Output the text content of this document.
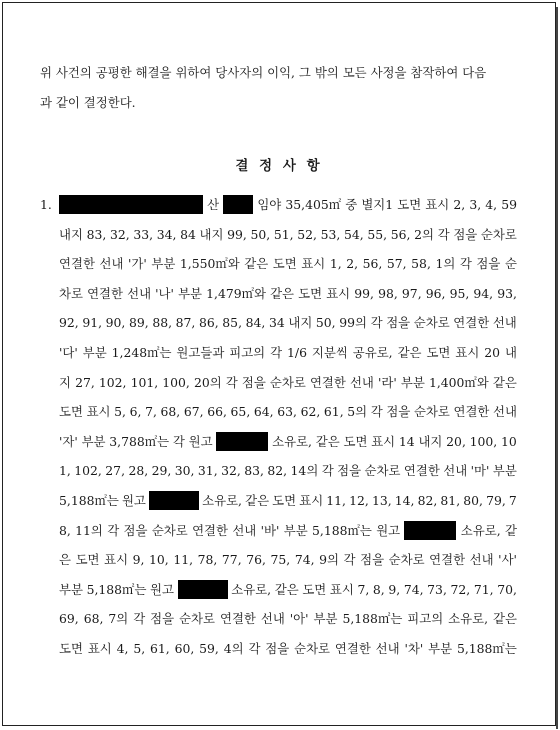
위 사건의 공평한 해결을 위하여 당사자의 이익, 그 밖의 모든 사정을 참작하여 다음
과 같이 결정한다.
결 정 사 항
1.	산	임야 35,405㎡ 중 별지1 도면 표시 2, 3, 4, 59
내지 83, 32, 33, 34, 84 내지 99, 50, 51, 52, 53, 54, 55, 56, 2의 각 점을 순차로
연결한 선내 '가' 부분 1,550㎡와 같은 도면 표시 1, 2, 56, 57, 58, 1의 각 점을 순
차로 연결한 선내 '나' 부분 1,479㎡와 같은 도면 표시 99, 98, 97, 96, 95, 94, 93,
92, 91, 90, 89, 88, 87, 86, 85, 84, 34 내지 50, 99의 각 점을 순차로 연결한 선내
'다' 부분 1,248㎡는 원고들과 피고의 각 1/6 지분씩 공유로, 같은 도면 표시 20 내
지 27, 102, 101, 100, 20의 각 점을 순차로 연결한 선내 '라' 부분 1,400㎡와 같은
도면 표시 5, 6, 7, 68, 67, 66, 65, 64, 63, 62, 61, 5의 각 점을 순차로 연결한 선내
'자' 부분 3,788㎡는 각 원고	소유로, 같은 도면 표시 14 내지 20, 100, 10
1, 102, 27, 28, 29, 30, 31, 32, 83, 82, 14의 각 점을 순차로 연결한 선내 '마' 부분
5,188㎡는 원고	소유로, 같은 도면 표시 11, 12, 13, 14, 82, 81, 80, 79, 7
8, 11의 각 점을 순차로 연결한 선내 '바' 부분 5,188㎡는 원고	소유로, 같
은 도면 표시 9, 10, 11, 78, 77, 76, 75, 74, 9의 각 점을 순차로 연결한 선내 '사'
부분 5,188㎡는 원고	소유로, 같은 도면 표시 7, 8, 9, 74, 73, 72, 71, 70,
69, 68, 7의 각 점을 순차로 연결한 선내 '아' 부분 5,188㎡는 피고의 소유로, 같은
도면 표시 4, 5, 61, 60, 59, 4의 각 점을 순차로 연결한 선내 '차' 부분 5,188㎡는
